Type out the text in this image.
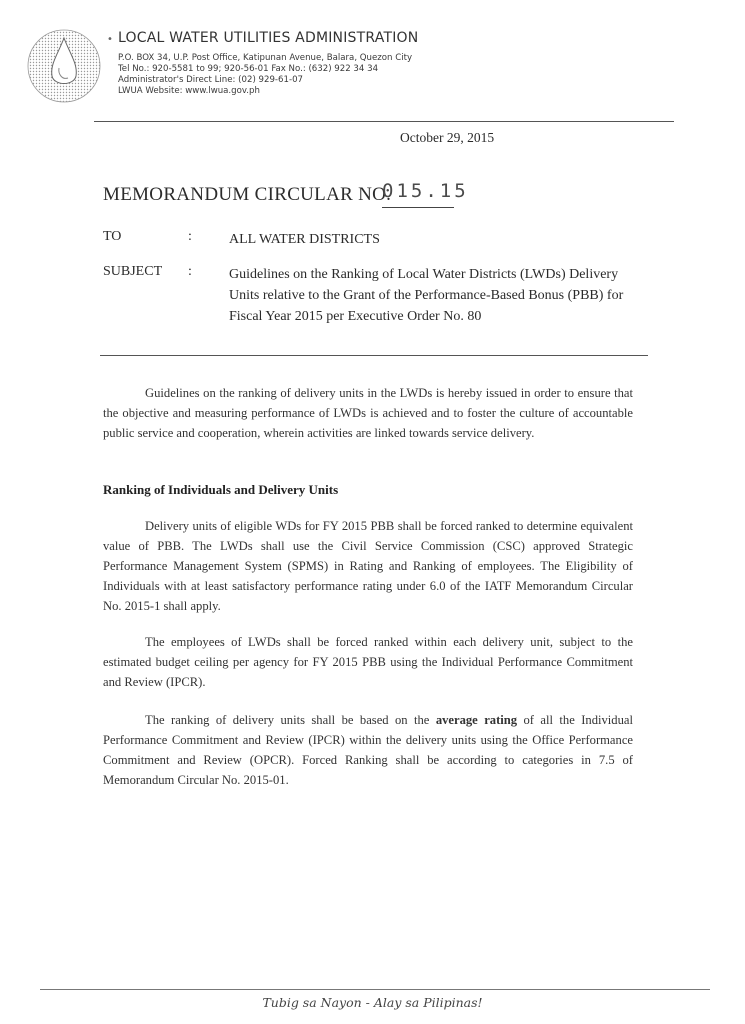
• LOCAL WATER UTILITIES ADMINISTRATION
P.O. BOX 34, U.P. Post Office, Katipunan Avenue, Balara, Quezon City
Tel No.: 920-5581 to 99; 920-56-01 Fax No.: (632) 922 34 34
Administrator's Direct Line: (02) 929-61-07
LWUA Website: www.lwua.gov.ph
October 29, 2015
MEMORANDUM CIRCULAR NO.
015.15
TO	:	ALL WATER DISTRICTS
SUBJECT :	Guidelines on the Ranking of Local Water Districts (LWDs) Delivery Units relative to the Grant of the Performance-Based Bonus (PBB) for Fiscal Year 2015 per Executive Order No. 80
Guidelines on the ranking of delivery units in the LWDs is hereby issued in order to ensure that the objective and measuring performance of LWDs is achieved and to foster the culture of accountable public service and cooperation, wherein activities are linked towards service delivery.
Ranking of Individuals and Delivery Units
Delivery units of eligible WDs for FY 2015 PBB shall be forced ranked to determine equivalent value of PBB. The LWDs shall use the Civil Service Commission (CSC) approved Strategic Performance Management System (SPMS) in Rating and Ranking of employees. The Eligibility of Individuals with at least satisfactory performance rating under 6.0 of the IATF Memorandum Circular No. 2015-1 shall apply.
The employees of LWDs shall be forced ranked within each delivery unit, subject to the estimated budget ceiling per agency for FY 2015 PBB using the Individual Performance Commitment and Review (IPCR).
The ranking of delivery units shall be based on the average rating of all the Individual Performance Commitment and Review (IPCR) within the delivery units using the Office Performance Commitment and Review (OPCR). Forced Ranking shall be according to categories in 7.5 of Memorandum Circular No. 2015-01.
Tubig sa Nayon - Alay sa Pilipinas!
